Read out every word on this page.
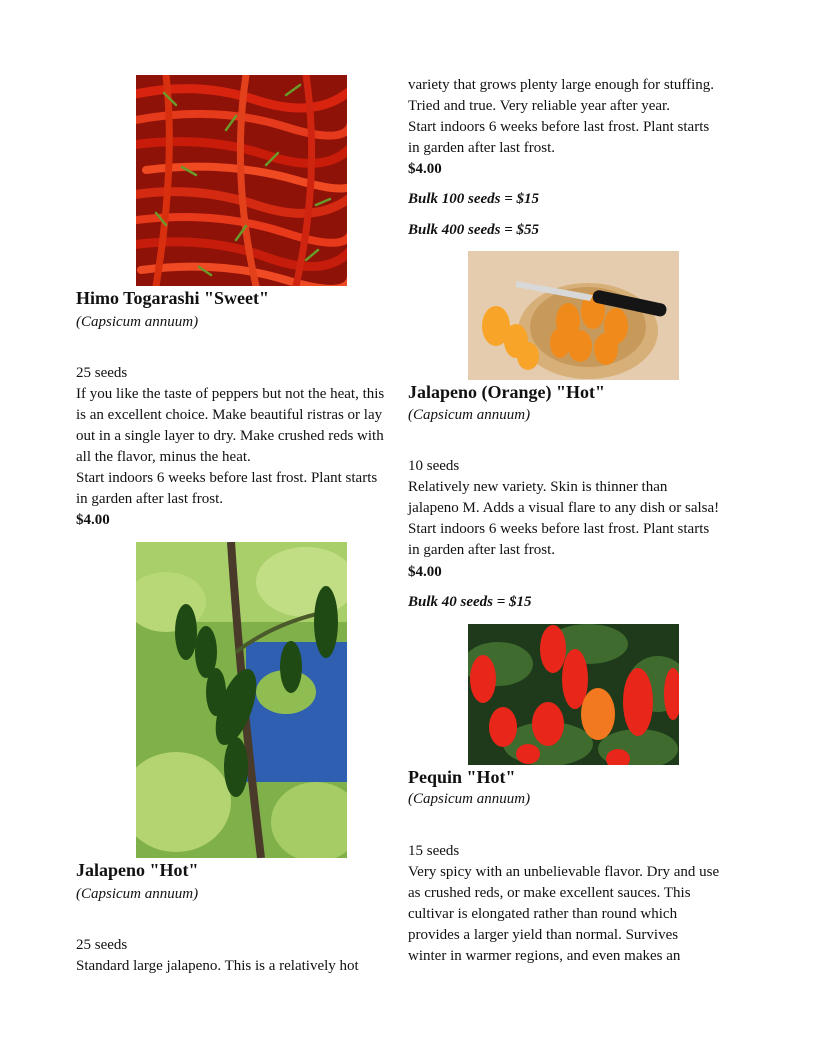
Himo Togarashi "Sweet"
(Capsicum annuum)
25 seeds
If you like the taste of peppers but not the heat, this
is an excellent choice. Make beautiful ristras or lay
out in a single layer to dry. Make crushed reds with
all the flavor, minus the heat.
Start indoors 6 weeks before last frost. Plant starts
in garden after last frost.
$4.00
Jalapeno "Hot"
(Capsicum annuum)
25 seeds
Standard large jalapeno. This is a relatively hot
variety that grows plenty large enough for stuffing.
Tried and true. Very reliable year after year.
Start indoors 6 weeks before last frost. Plant starts
in garden after last frost.
$4.00
Bulk 100 seeds = $15
Bulk 400 seeds = $55
Jalapeno (Orange) "Hot"
(Capsicum annuum)
10 seeds
Relatively new variety. Skin is thinner than
jalapeno M. Adds a visual flare to any dish or salsa!
Start indoors 6 weeks before last frost. Plant starts
in garden after last frost.
$4.00
Bulk 40 seeds = $15
Pequin "Hot"
(Capsicum annuum)
15 seeds
Very spicy with an unbelievable flavor. Dry and use
as crushed reds, or make excellent sauces. This
cultivar is elongated rather than round which
provides a larger yield than normal. Survives
winter in warmer regions, and even makes an
